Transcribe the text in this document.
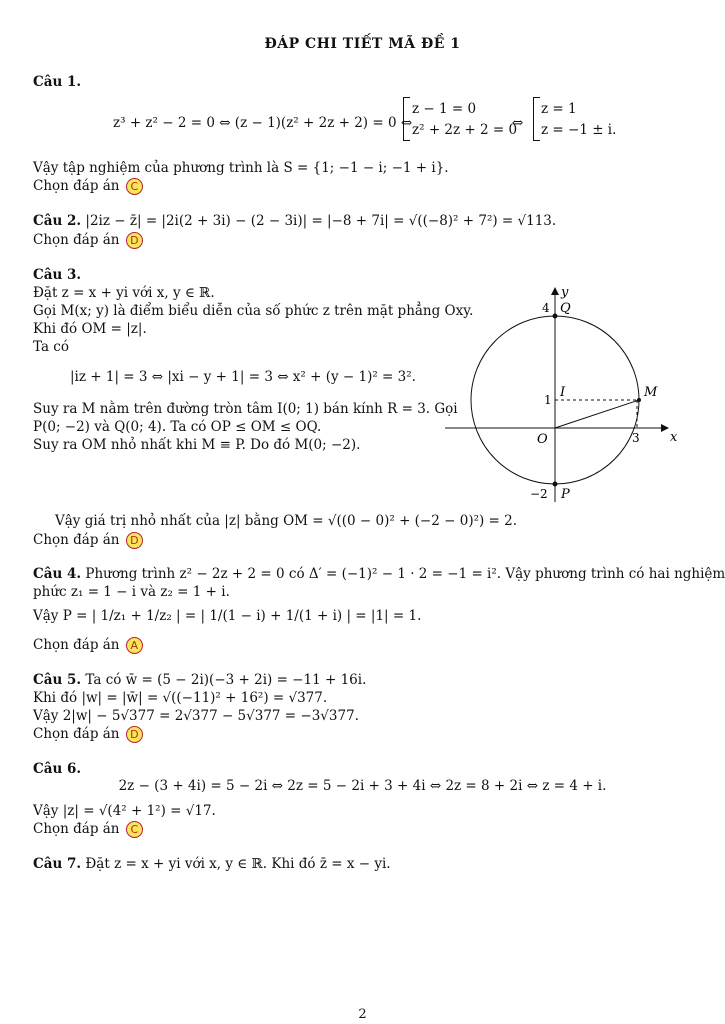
ĐÁP CHI TIẾT MÃ ĐỀ 1
Câu 1.
z³ + z² − 2 = 0 ⇔ (z − 1)(z² + 2z + 2) = 0 ⇔
z − 1 = 0
z² + 2z + 2 = 0
⇔
z = 1
z = −1 ± i.
Vậy tập nghiệm của phương trình là S = {1; −1 − i; −1 + i}.
Chọn đáp án C
Câu 2. |2iz − z̄| = |2i(2 + 3i) − (2 − 3i)| = |−8 + 7i| = √((−8)² + 7²) = √113.
Chọn đáp án D
Câu 3.
Đặt z = x + yi với x, y ∈ ℝ.
Gọi M(x; y) là điểm biểu diễn của số phức z trên mặt phẳng Oxy.
Khi đó OM = |z|.
Ta có
|iz + 1| = 3 ⇔ |xi − y + 1| = 3 ⇔ x² + (y − 1)² = 3².
Suy ra M nằm trên đường tròn tâm I(0; 1) bán kính R = 3. Gọi
P(0; −2) và Q(0; 4). Ta có OP ≤ OM ≤ OQ.
Suy ra OM nhỏ nhất khi M ≡ P. Do đó M(0; −2).
y
x
O
4 Q
−2 P
1 I	M
3
Vậy giá trị nhỏ nhất của |z| bằng OM = √((0 − 0)² + (−2 − 0)²) = 2.
Chọn đáp án D
Câu 4. Phương trình z² − 2z + 2 = 0 có Δ′ = (−1)² − 1 · 2 = −1 = i². Vậy phương trình có hai nghiệm
phức z₁ = 1 − i và z₂ = 1 + i.
Vậy P = | 1/z₁ + 1/z₂ | = | 1/(1 − i) + 1/(1 + i) | = |1| = 1.
Chọn đáp án A
Câu 5. Ta có w̄ = (5 − 2i)(−3 + 2i) = −11 + 16i.
Khi đó |w| = |w̄| = √((−11)² + 16²) = √377.
Vậy 2|w| − 5√377 = 2√377 − 5√377 = −3√377.
Chọn đáp án D
Câu 6.
2z − (3 + 4i) = 5 − 2i ⇔ 2z = 5 − 2i + 3 + 4i ⇔ 2z = 8 + 2i ⇔ z = 4 + i.
Vậy |z| = √(4² + 1²) = √17.
Chọn đáp án C
Câu 7. Đặt z = x + yi với x, y ∈ ℝ. Khi đó z̄ = x − yi.
2
